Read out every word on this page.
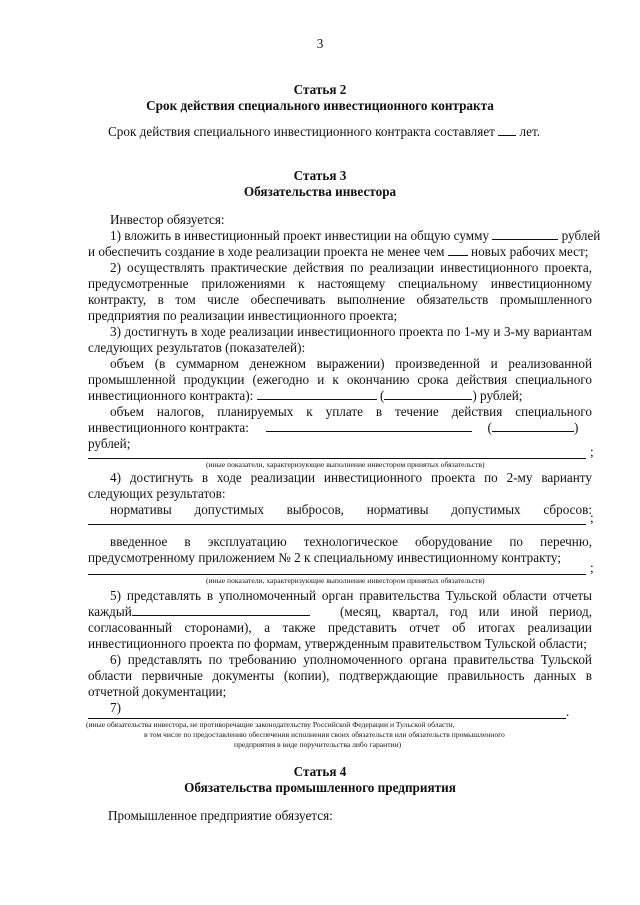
3
Статья 2
Срок действия специального инвестиционного контракта
Срок действия специального инвестиционного контракта составляет лет.
Статья 3
Обязательства инвестора
Инвестор обязуется:
1) вложить в инвестиционный проект инвестиции на общую сумму	рублей
и обеспечить создание в ходе реализации проекта не менее чем новых рабочих мест;
2) осуществлять практические действия по реализации инвестиционного проекта,
предусмотренные приложениями к настоящему специальному инвестиционному
контракту, в том числе обеспечивать выполнение обязательств промышленного
предприятия по реализации инвестиционного проекта;
3) достигнуть в ходе реализации инвестиционного проекта по 1-му и 3-му вариантам
следующих результатов (показателей):
объем (в суммарном денежном выражении) произведенной и реализованной
промышленной продукции (ежегодно и к окончанию срока действия специального
инвестиционного контракта):	(	) рублей;
объем налогов, планируемых к уплате в течение действия специального
инвестиционного контракта:	(	)
рублей;
;
(иные показатели, характеризующие выполнение инвестором принятых обязательств)
4) достигнуть в ходе реализации инвестиционного проекта по 2-му варианту
следующих результатов:
нормативы допустимых выбросов, нормативы допустимых сбросов:
;
введенное в эксплуатацию технологическое оборудование по перечню,
предусмотренному приложением № 2 к специальному инвестиционному контракту;
;
(иные показатели, характеризующие выполнение инвестором принятых обязательств)
5) представлять в уполномоченный орган правительства Тульской области отчеты
каждый	(месяц, квартал, год или иной период,
согласованный сторонами), а также представить отчет об итогах реализации
инвестиционного проекта по формам, утвержденным правительством Тульской области;
6) представлять по требованию уполномоченного органа правительства Тульской
области первичные документы (копии), подтверждающие правильность данных в
отчетной документации;
7)	.
(иные обязательства инвестора, не противоречащие законодательству Российской Федерации и Тульской области,
в том числе по предоставлению обеспечения исполнения своих обязательств или обязательств промышленного
предприятия в виде поручительства либо гарантии)
Статья 4
Обязательства промышленного предприятия
Промышленное предприятие обязуется:
